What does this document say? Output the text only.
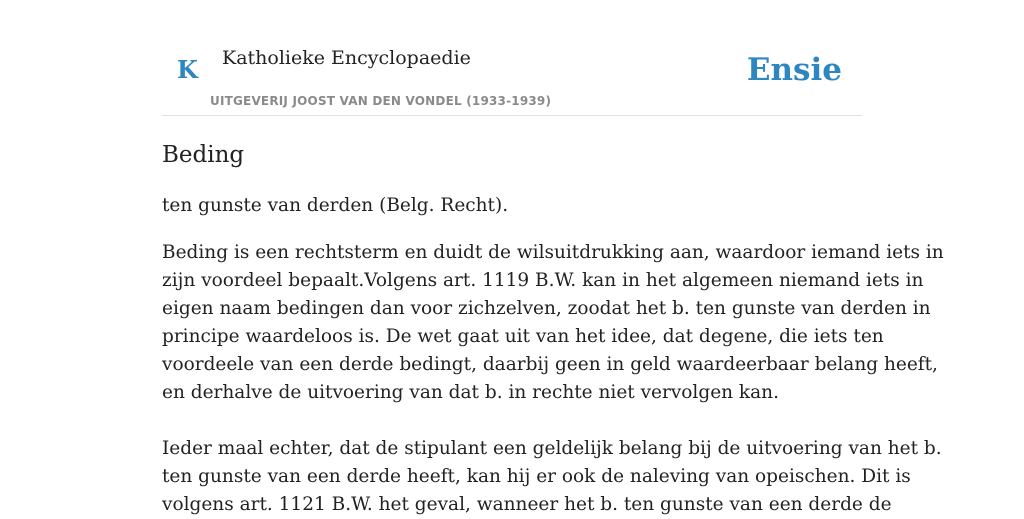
K Katholieke Encyclopaedie
UITGEVERIJ JOOST VAN DEN VONDEL (1933-1939)
Ensie
Beding

ten gunste van derden (Belg. Recht).

Beding is een rechtsterm en duidt de wilsuitdrukking aan, waardoor iemand iets in
zijn voordeel bepaalt.Volgens art. 1119 B.W. kan in het algemeen niemand iets in
eigen naam bedingen dan voor zichzelven, zoodat het b. ten gunste van derden in
principe waardeloos is. De wet gaat uit van het idee, dat degene, die iets ten
voordeele van een derde bedingt, daarbij geen in geld waardeerbaar belang heeft,
en derhalve de uitvoering van dat b. in rechte niet vervolgen kan.

Ieder maal echter, dat de stipulant een geldelijk belang bij de uitvoering van het b.
ten gunste van een derde heeft, kan hij er ook de naleving van opeischen. Dit is
volgens art. 1121 B.W. het geval, wanneer het b. ten gunste van een derde de
